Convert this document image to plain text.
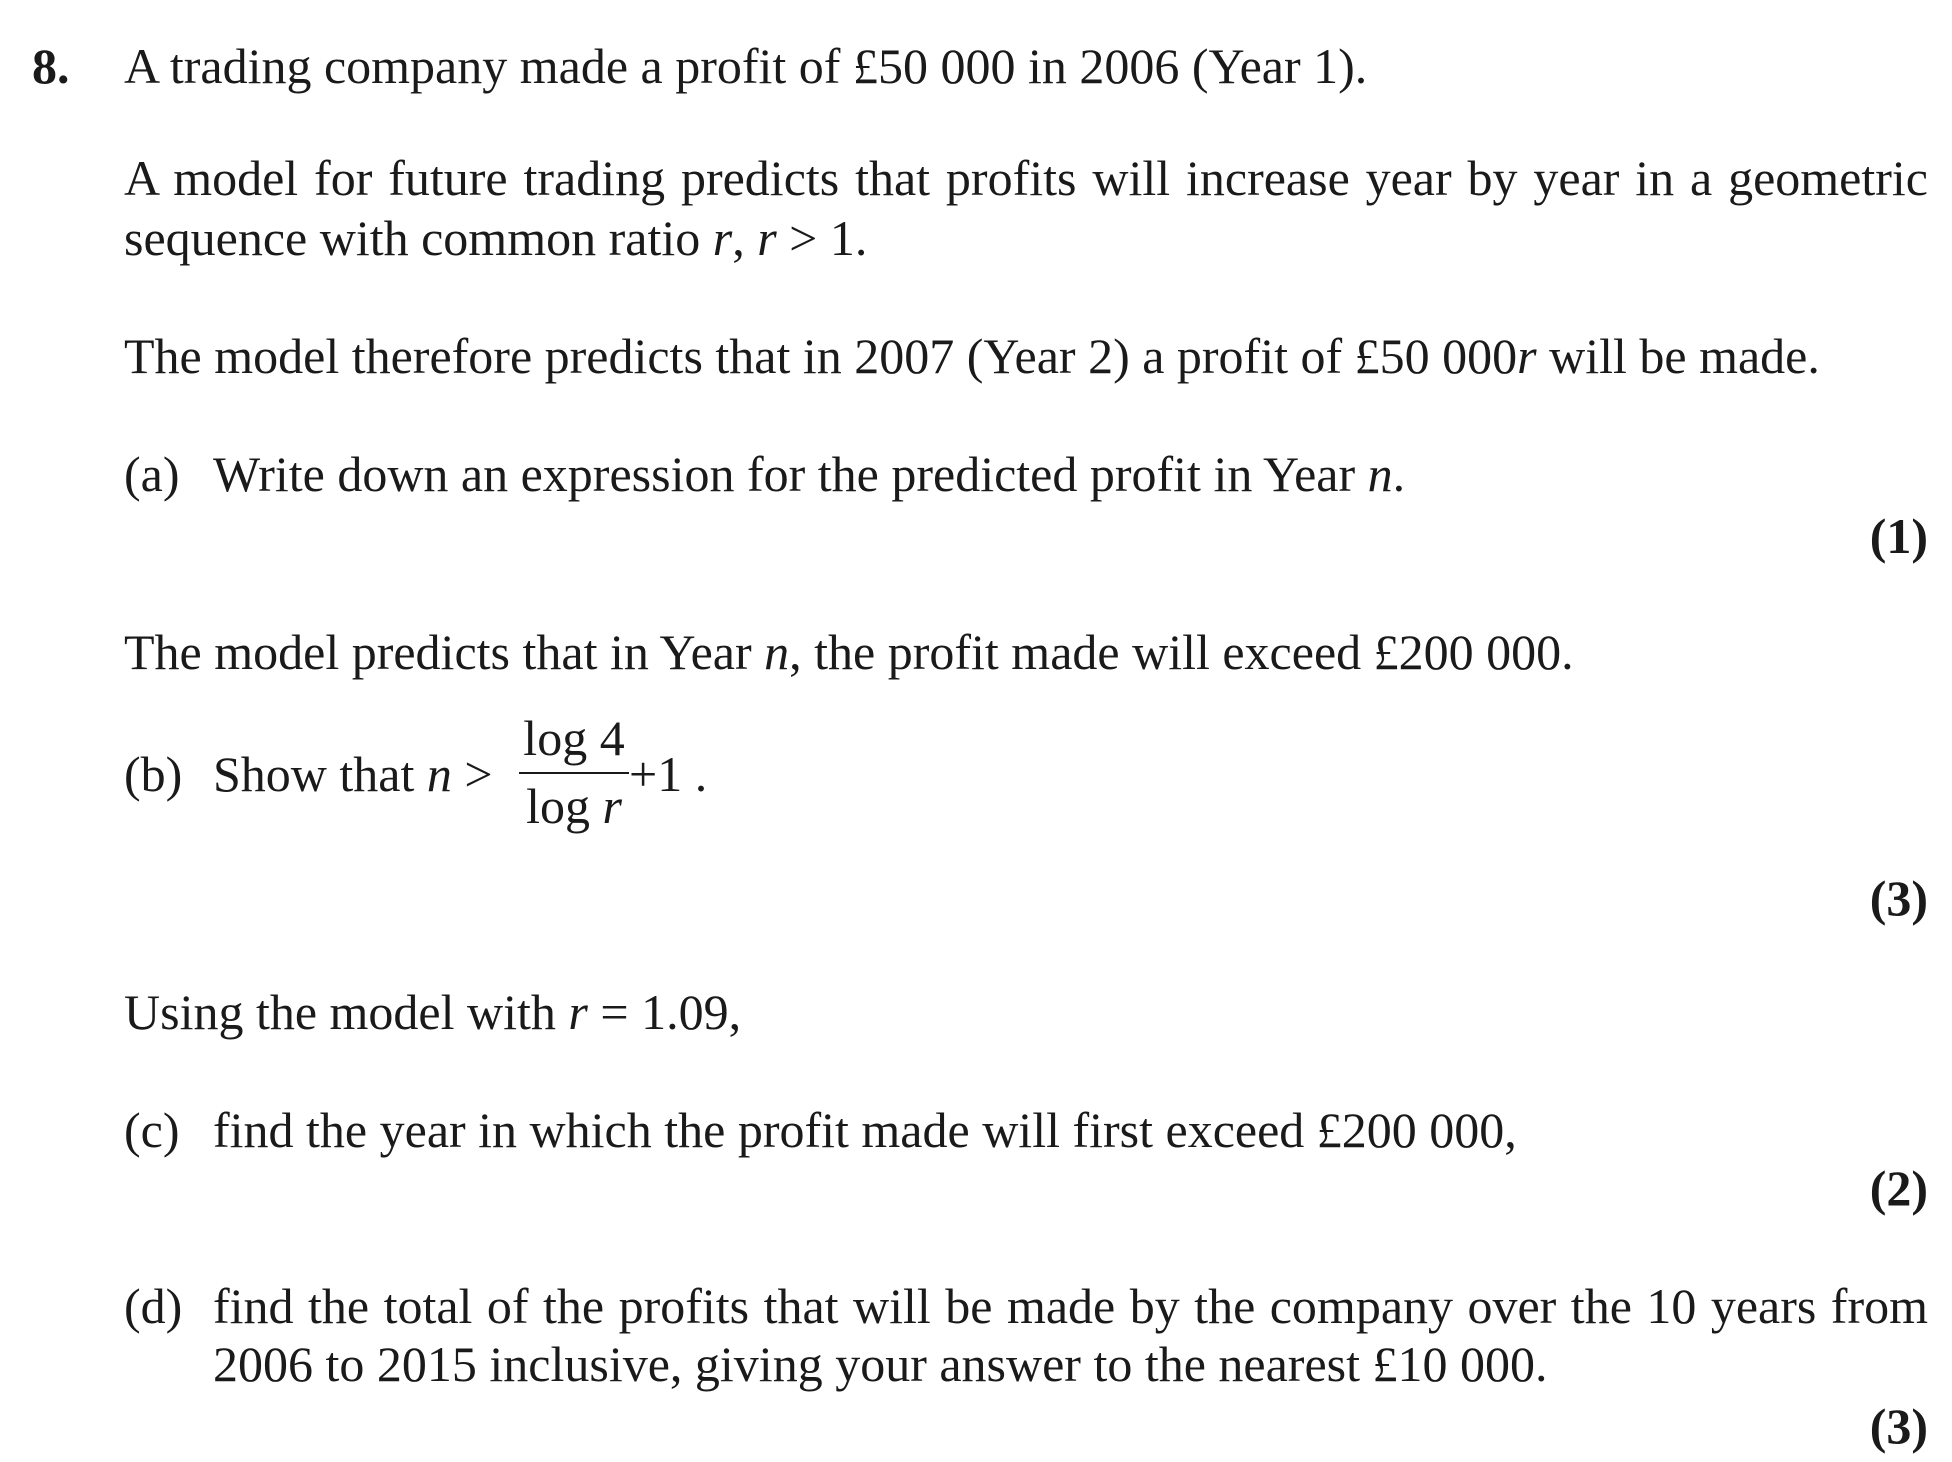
8. A trading company made a profit of £50 000 in 2006 (Year 1).
A model for future trading predicts that profits will increase year by year in a geometric
sequence with common ratio r, r > 1.
The model therefore predicts that in 2007 (Year 2) a profit of £50 000r will be made.
(a) Write down an expression for the predicted profit in Year n.
(1)
The model predicts that in Year n, the profit made will exceed £200 000.
(b) Show that n >
log 4
log r
+1 .
(3)
Using the model with r = 1.09,
(c) find the year in which the profit made will first exceed £200 000,
(2)
(d) find the total of the profits that will be made by the company over the 10 years from
2006 to 2015 inclusive, giving your answer to the nearest £10 000.
(3)
